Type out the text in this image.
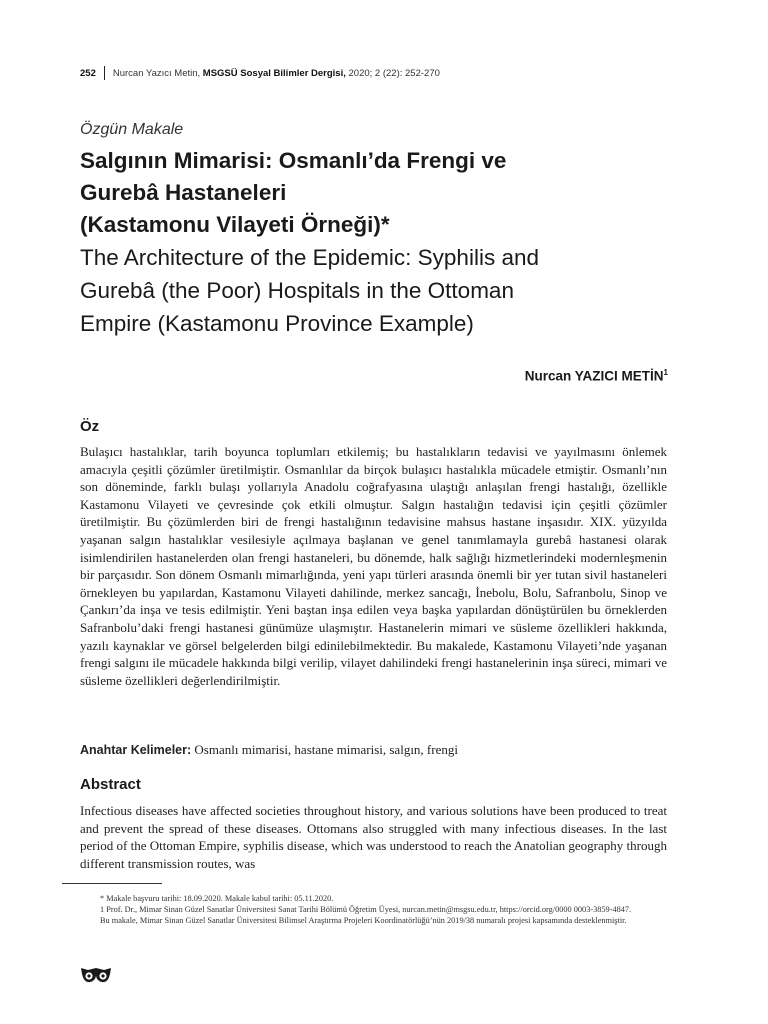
252 Nurcan Yazıcı Metin,
MSGSÜ Sosyal Bilimler Dergisi,
2020; 2 (22): 252-270
Özgün Makale
Salgının Mimarisi: Osmanlı’da Frengi ve
Gurebâ Hastaneleri
(Kastamonu Vilayeti Örneği)*
The Architecture of the Epidemic: Syphilis and
Gurebâ (the Poor) Hospitals in the Ottoman
Empire (Kastamonu Province Example)
Nurcan YAZICI METİN$^1$
Öz

Bulaşıcı hastalıklar, tarih boyunca toplumları etkilemiş; bu hastalıkların tedavisi ve yayılmasını önlemek amacıyla çeşitli çözümler üretilmiştir. Osmanlılar da birçok bulaşıcı hastalıkla mücadele etmiştir. Osmanlı’nın son döneminde, farklı bulaşı yollarıyla Anadolu coğrafyasına ulaştığı anlaşılan frengi hastalığı, özellikle Kastamonu Vilayeti ve çevresinde çok etkili olmuştur. Salgın hastalığın tedavisi için çeşitli çözümler üretilmiştir. Bu çözümlerden biri de frengi hastalığının tedavisine mahsus hastane inşasıdır. XIX. yüzyılda yaşanan salgın hastalıklar vesilesiyle açılmaya başlanan ve genel tanımlamayla gurebâ hastanesi olarak isimlendirilen hastanelerden olan frengi hastaneleri, bu dönemde, halk sağlığı hizmetlerindeki modernleşmenin bir parçasıdır. Son dönem Osmanlı mimarlığında, yeni yapı türleri arasında önemli bir yer tutan sivil hastaneleri örnekleyen bu yapılardan, Kastamonu Vilayeti dahilinde, merkez sancağı, İnebolu, Bolu, Safranbolu, Sinop ve Çankırı’da inşa ve tesis edilmiştir. Yeni baştan inşa edilen veya başka yapılardan dönüştürülen bu örneklerden Safranbolu’daki frengi hastanesi günümüze ulaşmıştır. Hastanelerin mimari ve süsleme özellikleri hakkında, yazılı kaynaklar ve görsel belgelerden bilgi edinilebilmektedir. Bu makalede, Kastamonu Vilayeti’nde yaşanan frengi salgını ile mücadele hakkında bilgi verilip, vilayet dahilindeki frengi hastanelerinin inşa süreci, mimari ve süsleme özellikleri değerlendirilmiştir.

Anahtar Kelimeler: Osmanlı mimarisi, hastane mimarisi, salgın, frengi
Abstract

Infectious diseases have affected societies throughout history, and various solutions have been produced to treat and prevent the spread of these diseases. Ottomans also struggled with many infectious diseases. In the last period of the Ottoman Empire, syphilis disease, which was understood to reach the Anatolian geography through different transmission routes, was

* Makale başvuru tarihi: 18.09.2020. Makale kabul tarihi: 05.11.2020.

1 Prof. Dr., Mimar Sinan Güzel Sanatlar Üniversitesi Sanat Tarihi Bölümü Öğretim Üyesi, nurcan.metin@msgsu.edu.tr, https://orcid.org/0000 0003-3859-4847.

Bu makale, Mimar Sinan Güzel Sanatlar Üniversitesi Bilimsel Araştırma Projeleri Koordinatörlüğü’nün 2019/38 numaralı projesi kapsamında desteklenmiştir.
